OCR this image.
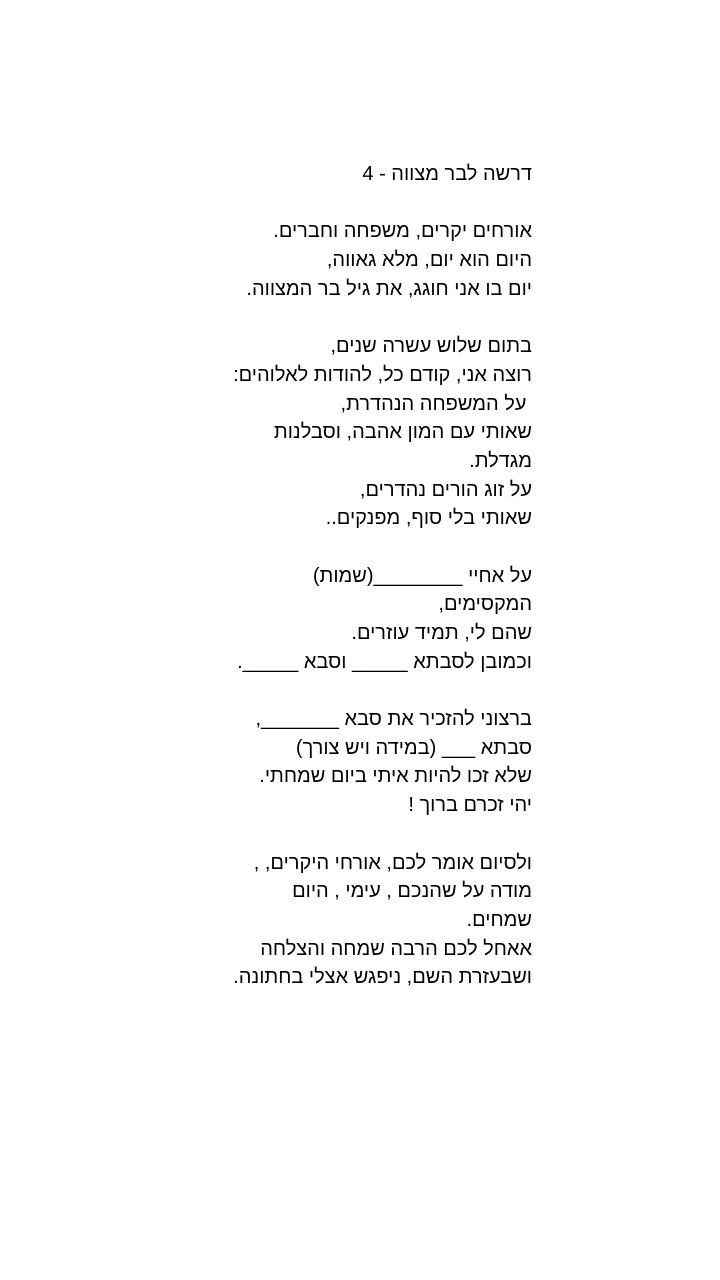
דרשה לבר מצווה - 4
אורחים יקרים, משפחה וחברים.
היום הוא יום, מלא גאווה,
יום בו אני חוגג, את גיל בר המצווה.
בתום שלוש עשרה שנים,
רוצה אני, קודם כל, להודות לאלוהים:
על המשפחה הנהדרת,
שאותי עם המון אהבה, וסבלנות
מגדלת.
על זוג הורים נהדרים,
שאותי בלי סוף, מפנקים..
על אחיי ________(שמות)
המקסימים,
שהם לי, תמיד עוזרים.
וכמובן לסבתא _____ וסבא _____.
ברצוני להזכיר את סבא _______,
סבתא ___ (במידה ויש צורך)
שלא זכו להיות איתי ביום שמחתי.
יהי זכרם ברוך !
ולסיום אומר לכם, אורחי היקרים, ,
מודה על שהנכם , עימי , היום
שמחים.
אאחל לכם הרבה שמחה והצלחה
ושבעזרת השם, ניפגש אצלי בחתונה.
